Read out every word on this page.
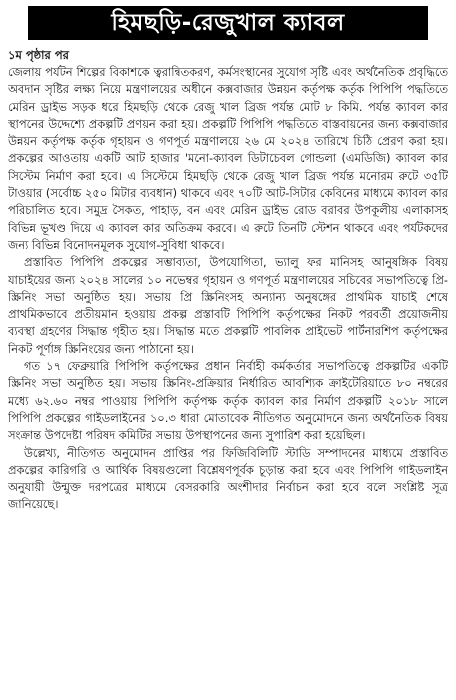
হিমছড়ি-রেজুখাল ক্যাবল
১ম পৃষ্ঠার পর

জেলায় পর্যটন শিল্পের বিকাশকে ত্বরান্বিতকরণ, কর্মসংস্থানের সুযোগ সৃষ্টি এবং অর্থনৈতিক প্রবৃদ্ধিতে অবদান সৃষ্টির লক্ষ্য নিয়ে মন্ত্রণালয়ের অধীনে কক্সবাজার উন্নয়ন কর্তৃপক্ষ কর্তৃক পিপিপি পদ্ধতিতে মেরিন ড্রাইভ সড়ক ধরে হিমছড়ি থেকে রেজু খাল ব্রিজ পর্যন্ত মোট ৮ কিমি. পর্যন্ত ক্যাবল কার স্থাপনের উদ্দেশ্যে প্রকল্পটি প্রণয়ন করা হয়। প্রকল্পটি পিপিপি পদ্ধতিতে বাস্তবায়নের জন্য কক্সবাজার উন্নয়ন কর্তৃপক্ষ কর্তৃক গৃহায়ন ও গণপূর্ত মন্ত্রণালয়ে ২৬ মে ২০২৪ তারিখে চিঠি প্রেরণ করা হয়। প্রকল্পের আওতায় একটি আট হাজার 'মনো-ক্যাবল ডিটাচেবল গোন্ডলা (এমডিজি) ক্যাবল কার সিস্টেম নির্মাণ করা হবে। এ সিস্টেমে হিমছড়ি থেকে রেজু খাল ব্রিজ পর্যন্ত মনোরম রুটে ৩৫টি টাওয়ার (সর্বোচ্চ ২৫০ মিটার ব্যবধান) থাকবে এবং ৭০টি আট-সিটার কেবিনের মাধ্যমে ক্যাবল কার পরিচালিত হবে। সমুদ্র সৈকত, পাহাড়, বন এবং মেরিন ড্রাইভ রোড বরাবর উপকূলীয় এলাকাসহ বিভিন্ন ভূখণ্ড দিয়ে এ ক্যাবল কার অতিক্রম করবে। এ রুটে তিনটি স্টেশন থাকবে এবং পর্যটকদের জন্য বিভিন্ন বিনোদনমূলক সুযোগ-সুবিধা থাকবে।

প্রস্তাবিত পিপিপি প্রকল্পের সম্ভাব্যতা, উপযোগিতা, ভ্যালু ফর মানিসহ আনুষঙ্গিক বিষয় যাচাইয়ের জন্য ২০২৪ সালের ১০ নভেম্বর গৃহায়ন ও গণপূর্ত মন্ত্রণালয়ের সচিবের সভাপতিত্বে প্রি-স্ক্রিনিং সভা অনুষ্ঠিত হয়। সভায় প্রি স্ক্রিনিংসহ অন্যান্য অনুষঙ্গের প্রাথমিক যাচাই শেষে প্রাথমিকভাবে প্রতীয়মান হওয়ায় প্রকল্প প্রস্তাবটি পিপিপি কর্তৃপক্ষের নিকট পরবর্তী প্রয়োজনীয় ব্যবস্থা গ্রহণের সিদ্ধান্ত গৃহীত হয়। সিদ্ধান্ত মতে প্রকল্পটি পাবলিক প্রাইভেট পার্টনারশিপ কর্তৃপক্ষের নিকট পূর্ণাঙ্গ স্ক্রিনিংয়ের জন্য পাঠানো হয়।

গত ১৭ ফেব্রুয়ারি পিপিপি কর্তৃপক্ষের প্রধান নির্বাহী কর্মকর্তার সভাপতিত্বে প্রকল্পটির একটি স্ক্রিনিং সভা অনুষ্ঠিত হয়। সভায় স্ক্রিনিং-প্রক্রিয়ার নির্ধারিত আবশ্যিক ক্রাইটেরিয়াতে ৮০ নম্বরের মধ্যে ৬২.৬০ নম্বর পাওয়ায় পিপিপি কর্তৃপক্ষ কর্তৃক ক্যাবল কার নির্মাণ প্রকল্পটি ২০১৮ সালে পিপিপি প্রকল্পের গাইডলাইনের ১০.৩ ধারা মোতাবেক নীতিগত অনুমোদনে জন্য অর্থনৈতিক বিষয় সংক্রান্ত উপদেষ্টা পরিষদ কমিটির সভায় উপস্থাপনের জন্য সুপারিশ করা হয়েছিল।

উল্লেখ্য, নীতিগত অনুমোদন প্রাপ্তির পর ফিজিবিলিটি স্টাডি সম্পাদনের মাধ্যমে প্রস্তাবিত প্রকল্পের কারিগরি ও আর্থিক বিষয়গুলো বিশ্লেষণপূর্বক চূড়ান্ত করা হবে এবং পিপিপি গাইডলাইন অনুযায়ী উন্মুক্ত দরপত্রের মাধ্যমে বেসরকারি অংশীদার নির্বাচন করা হবে বলে সংশ্লিষ্ট সূত্র জানিয়েছে।
